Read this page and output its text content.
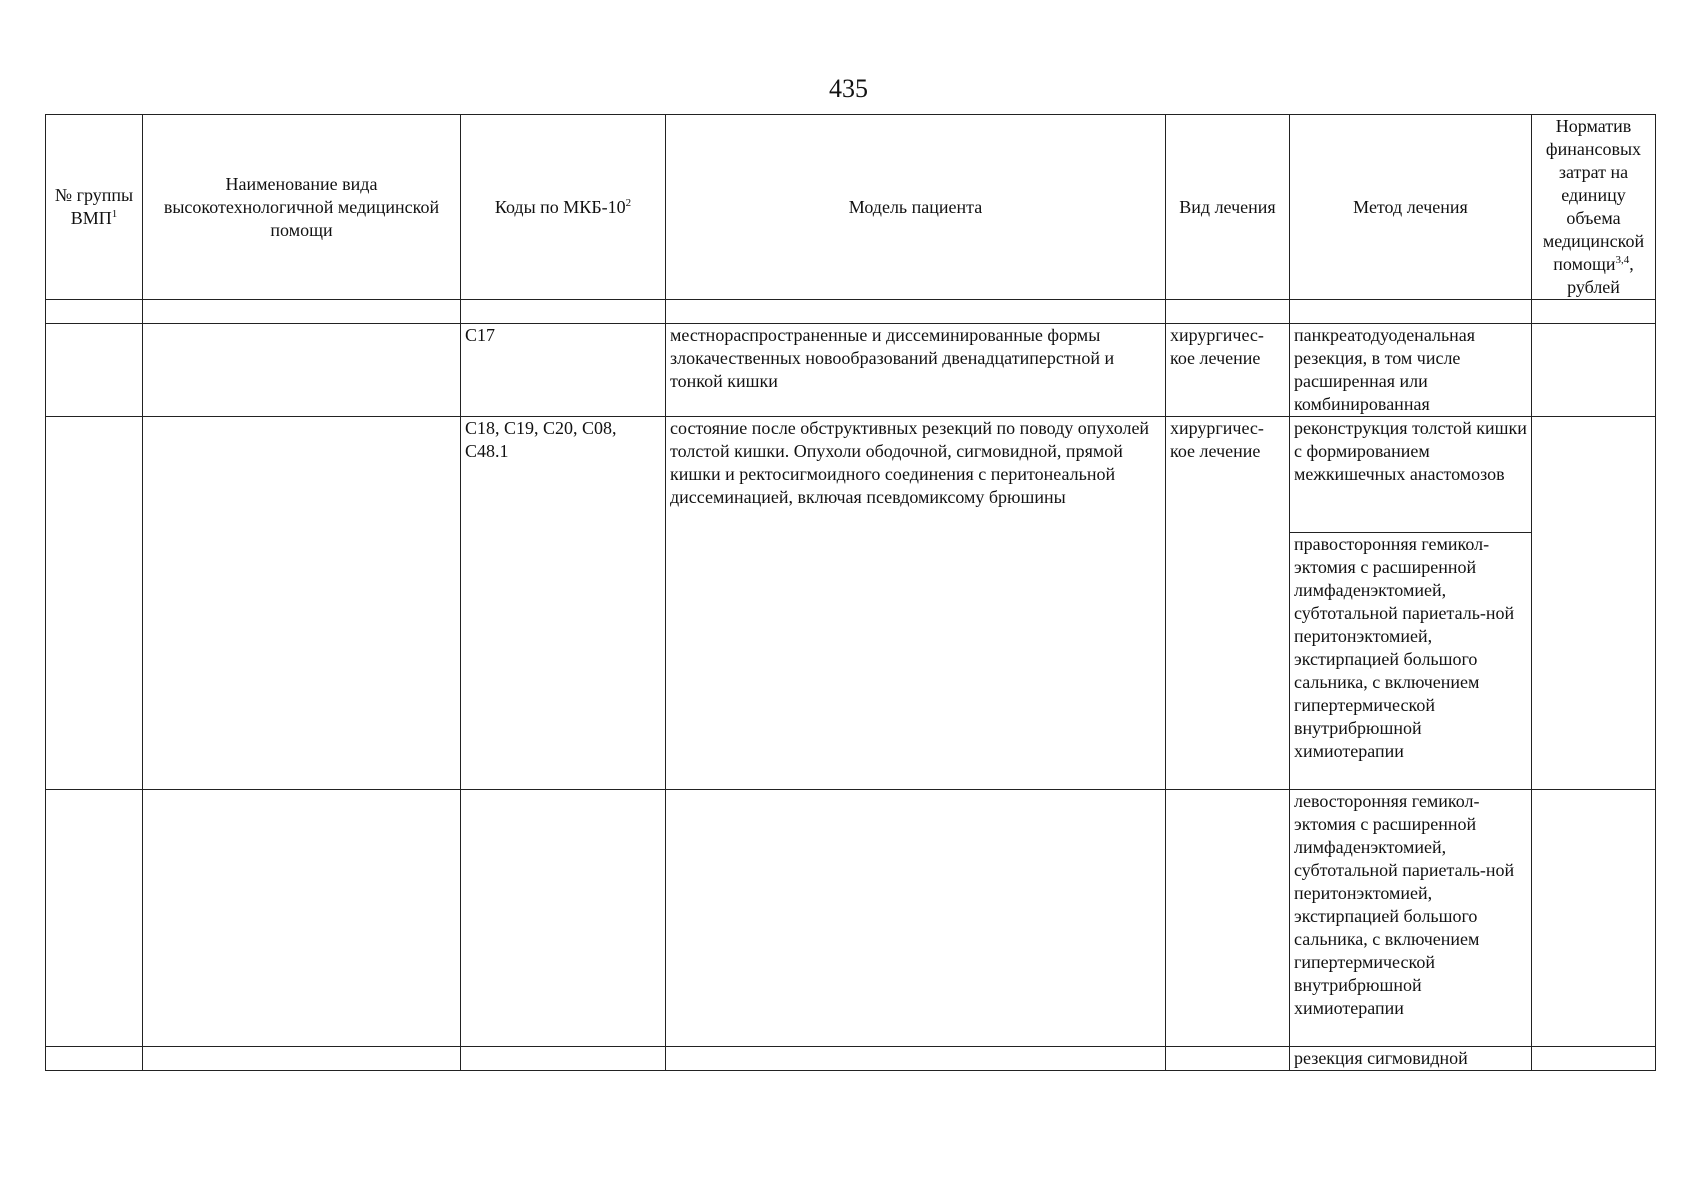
435
№ группы ВМП$^1$	Наименование вида высокотехнологичной медицинской помощи	Коды по МКБ-$10^2$	Модель пациента	Вид лечения	Метод лечения	Норматив финансовых затрат на единицу объема медицинской помощи$^{3,4}$, рублей

		C17	местнораспространенные и диссеминированные формы злокачественных новообразований двенадцатиперстной и тонкой кишки	хирургичес-кое лечение	панкреатодуоденальная резекция, в том числе расширенная или комбинированная	
		C18, C19, C20, C08, C48.1	состояние после обструктивных резекций по поводу опухолей толстой кишки. Опухоли ободочной, сигмовидной, прямой кишки и ректосигмоидного соединения с перитонеальной диссеминацией, включая псевдомиксому брюшины	хирургичес-кое лечение	реконструкция толстой кишки с формированием межкишечных анастомозов	
					правосторонняя гемикол-эктомия с расширенной лимфаденэктомией, субтотальной париеталь-ной перитонэктомией, экстирпацией большого сальника, с включением гипертермической внутрибрюшной химиотерапии	
					левосторонняя гемикол-эктомия с расширенной лимфаденэктомией, субтотальной париеталь-ной перитонэктомией, экстирпацией большого сальника, с включением гипертермической внутрибрюшной химиотерапии	
					резекция сигмовидной	
